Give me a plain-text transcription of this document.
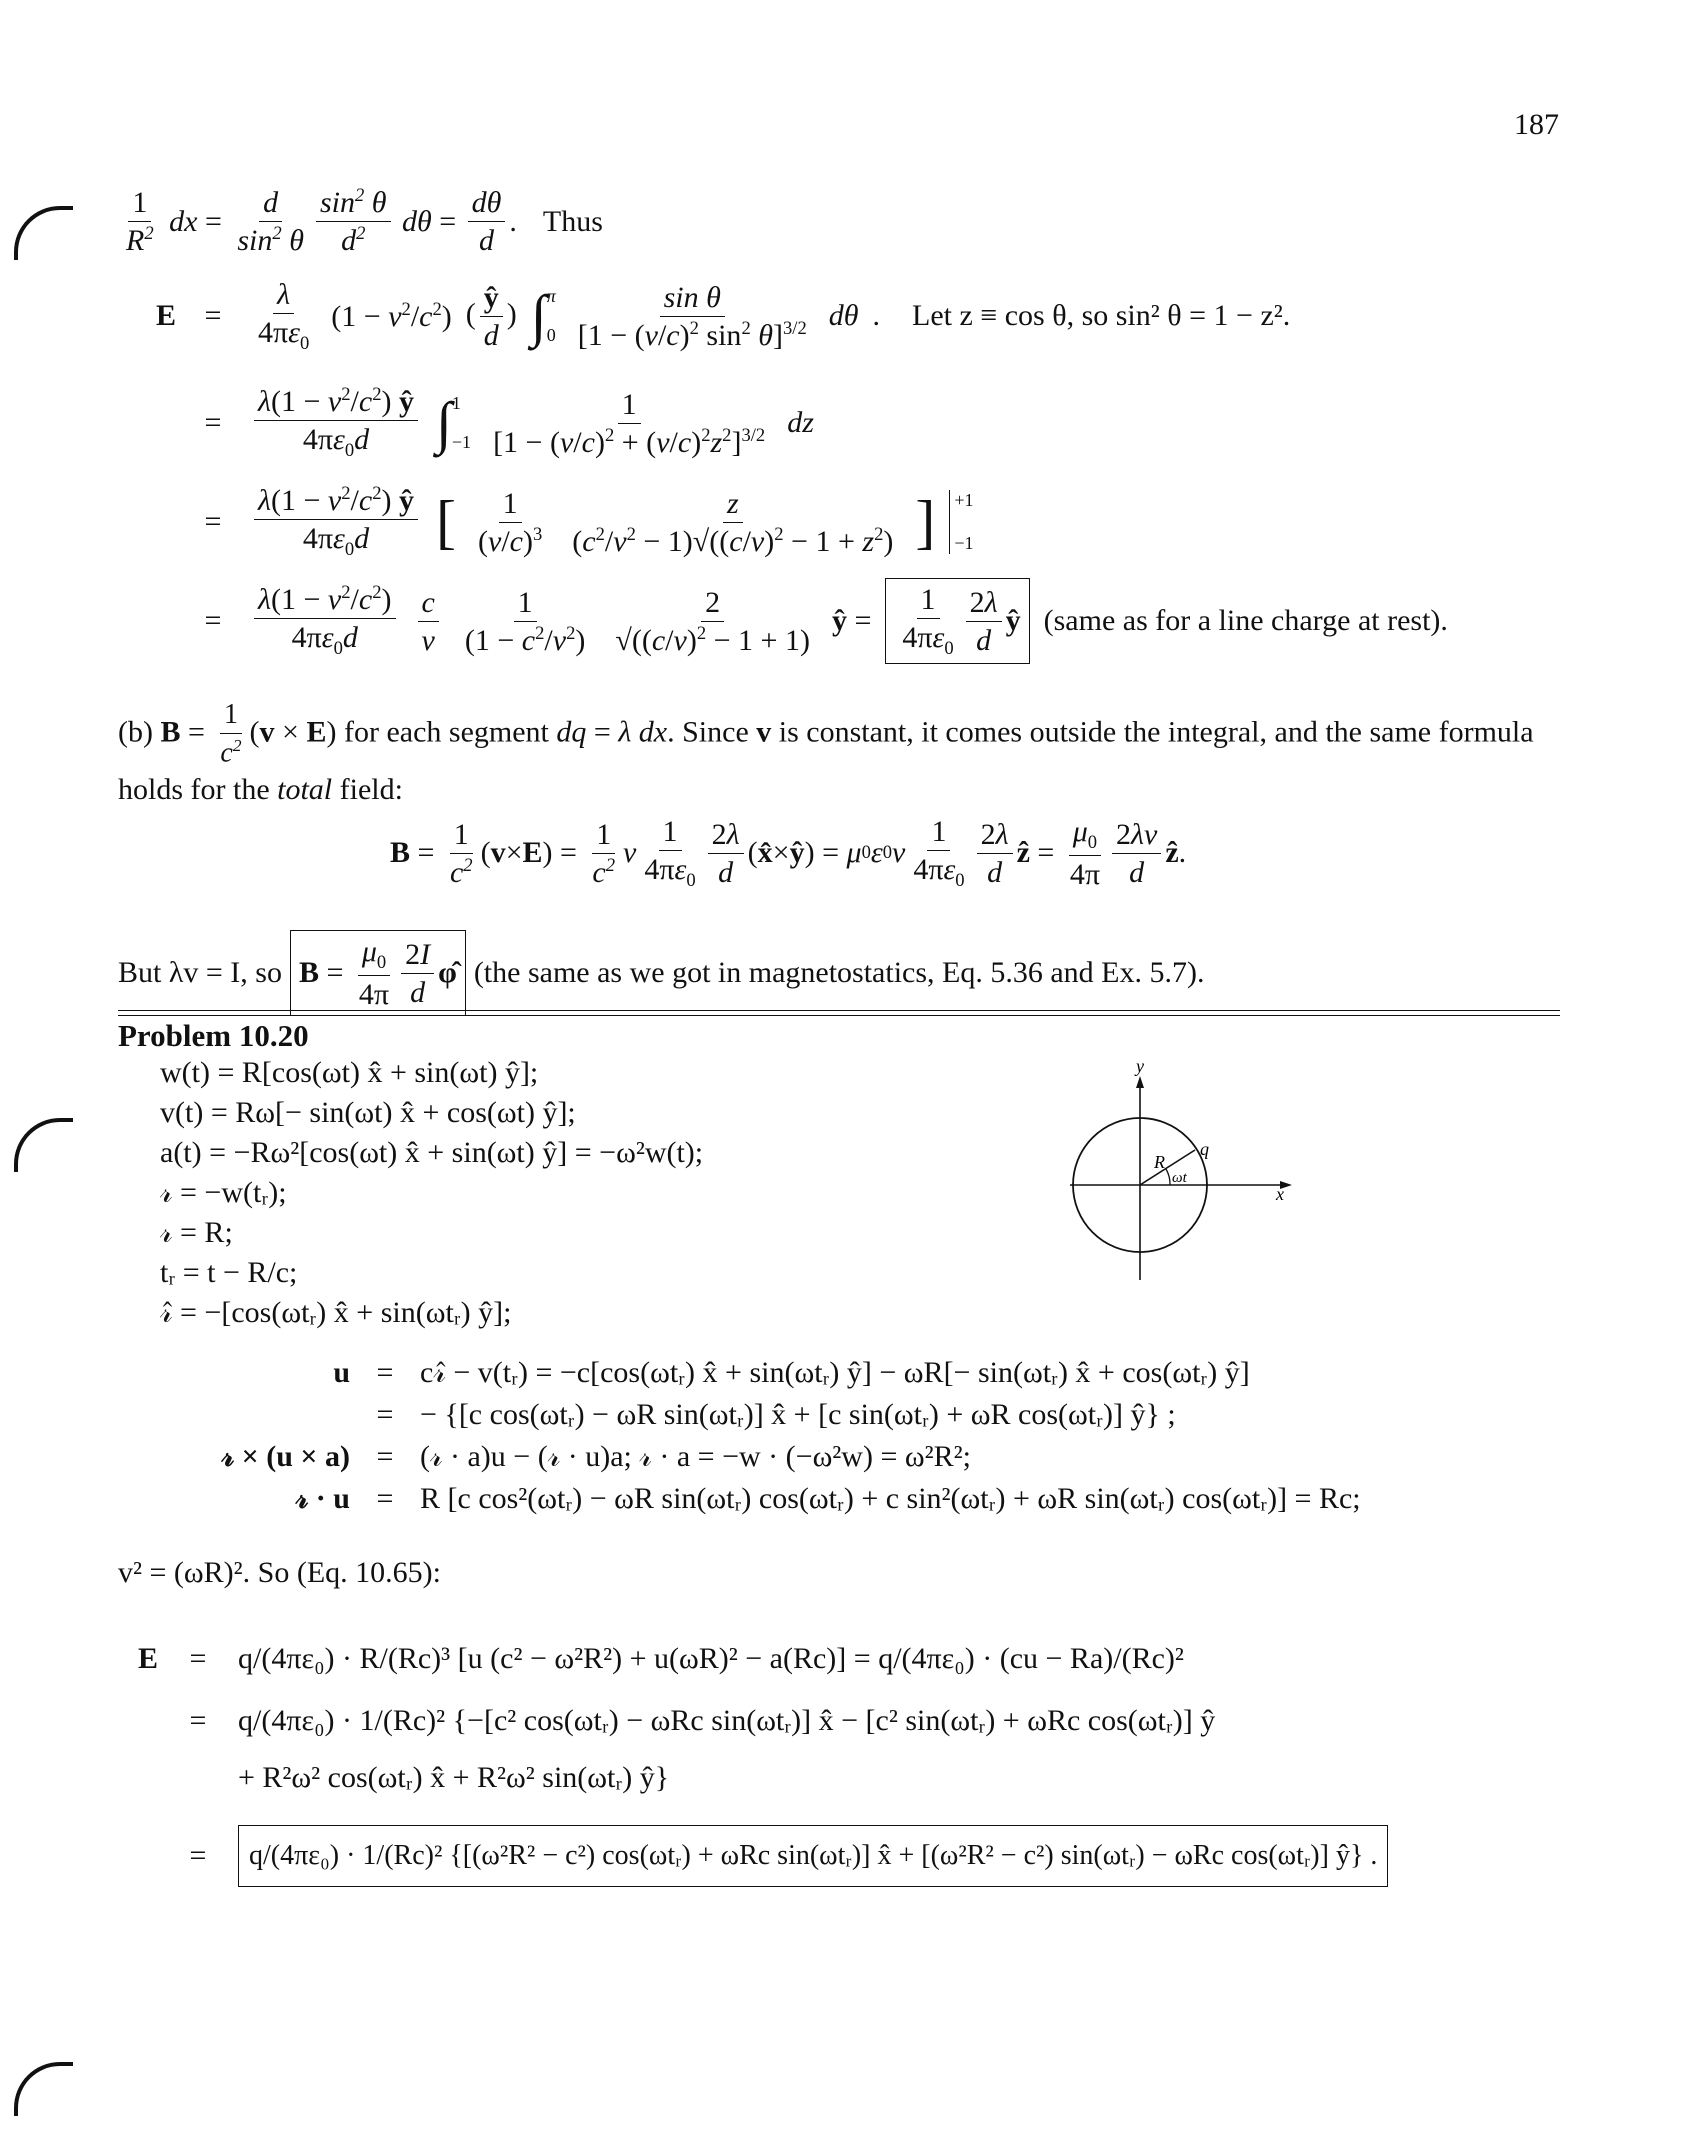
187
$\frac{1}{R^2}$ dx = $\frac{d}{\sin^2 \theta} \frac{\sin^2 \theta}{d^2}$ $d\theta = \frac{d\theta}{d}$ . Thus
E =	$\frac{\lambda}{4\pi\varepsilon_0} (1 - v^2/c^2)$ ( $\frac{ŷ}{d}$ ) ∫ π
$0 \frac{\text{sin θ}}{[1 - (v/c)^2 \sin^2 \theta]^{3/2}}$ dθ . Let z ≡ cos θ, so sin² θ = 1 − z².
=	$\frac{\lambda(1 - v^2/c^2) ŷ}{4\pi\varepsilon_0d}$ ∫ 1
$-1 \frac{1}{[1 - (v/c)^2 + (v/c)^2z^2]^{3/2}}$ dz
=	$\frac{\lambda(1 - v^2/c^2) ŷ}{4\pi\varepsilon_0d}$ [ $\frac{1}{(v/c)^3} \frac{z}{(c^2/v^2 - 1)√((c/v)^2 - 1 + z^2)}$ ] +1
−1
=	$\frac{\lambda(1 - v^2/c^2)}{4\pi\varepsilon_0d} \frac{c}{v} \frac{1}{(1 - c^2/v^2)} \frac{2}{√((c/v)^2 - 1 + 1)}$ ŷ = $\frac{1}{4\pi\varepsilon_0} \frac{2\lambda}{d}$ ŷ (same as for a line charge at rest).
(b) $B = \frac{1}{c^2} (v \times E)$ for each segment dq = λ dx. Since v is constant, it comes outside the integral, and the same formula holds for the total field:
$B = \frac{1}{c^2}$ ( v × E ) = $\frac{1}{c^2}$ v $\frac{1}{4\pi\varepsilon_0} \frac{2\lambda}{d}$ ( x̂ × ŷ ) = μ 0 ε 0 v $\frac{1}{4\pi\varepsilon_0} \frac{2\lambda}{d}$ ẑ = $\frac{\mu_0}{4\pi} \frac{2\lambda v}{d}$ ẑ .
But λv = I, so $B = \frac{\mu_0}{4\pi} \frac{2I}{d}$ φ̂ (the same as we got in magnetostatics, Eq. 5.36 and Ex. 5.7).
Problem 10.20
w(t) = R[cos(ωt) x̂ + sin(ωt) ŷ];
v(t) = Rω[− sin(ωt) x̂ + cos(ωt) ŷ];
a(t) = −Rω²[cos(ωt) x̂ + sin(ωt) ŷ] = −ω²w(t);
𝓇 = −w(tᵣ);
𝓇 = R;
tᵣ = t − R/c;
𝓇̂ = −[cos(ωtᵣ) x̂ + sin(ωtᵣ) ŷ];
y
x
R
q
ωt
u = c𝓇̂ − v(tᵣ) = −c[cos(ωtᵣ) x̂ + sin(ωtᵣ) ŷ] − ωR[− sin(ωtᵣ) x̂ + cos(ωtᵣ) ŷ]
= − {[c cos(ωtᵣ) − ωR sin(ωtᵣ)] x̂ + [c sin(ωtᵣ) + ωR cos(ωtᵣ)] ŷ} ;
𝓇 × (u × a) = (𝓇 · a)u − (𝓇 · u)a; 𝓇 · a = −w · (−ω²w) = ω²R²;
𝓇 · u = R [c cos²(ωtᵣ) − ωR sin(ωtᵣ) cos(ωtᵣ) + c sin²(ωtᵣ) + ωR sin(ωtᵣ) cos(ωtᵣ)] = Rc;
v² = (ωR)². So (Eq. 10.65):
E	=	q/(4πε₀) · R/(Rc)³ [u (c² − ω²R²) + u(ωR)² − a(Rc)] = q/(4πε₀) · (cu − Ra)/(Rc)²
=	q/(4πε₀) · 1/(Rc)² {−[c² cos(ωtᵣ) − ωRc sin(ωtᵣ)] x̂ − [c² sin(ωtᵣ) + ωRc cos(ωtᵣ)] ŷ
+ R²ω² cos(ωtᵣ) x̂ + R²ω² sin(ωtᵣ) ŷ}
=	q/(4πε₀) · 1/(Rc)² {[(ω²R² − c²) cos(ωtᵣ) + ωRc sin(ωtᵣ)] x̂ + [(ω²R² − c²) sin(ωtᵣ) − ωRc cos(ωtᵣ)] ŷ} .
